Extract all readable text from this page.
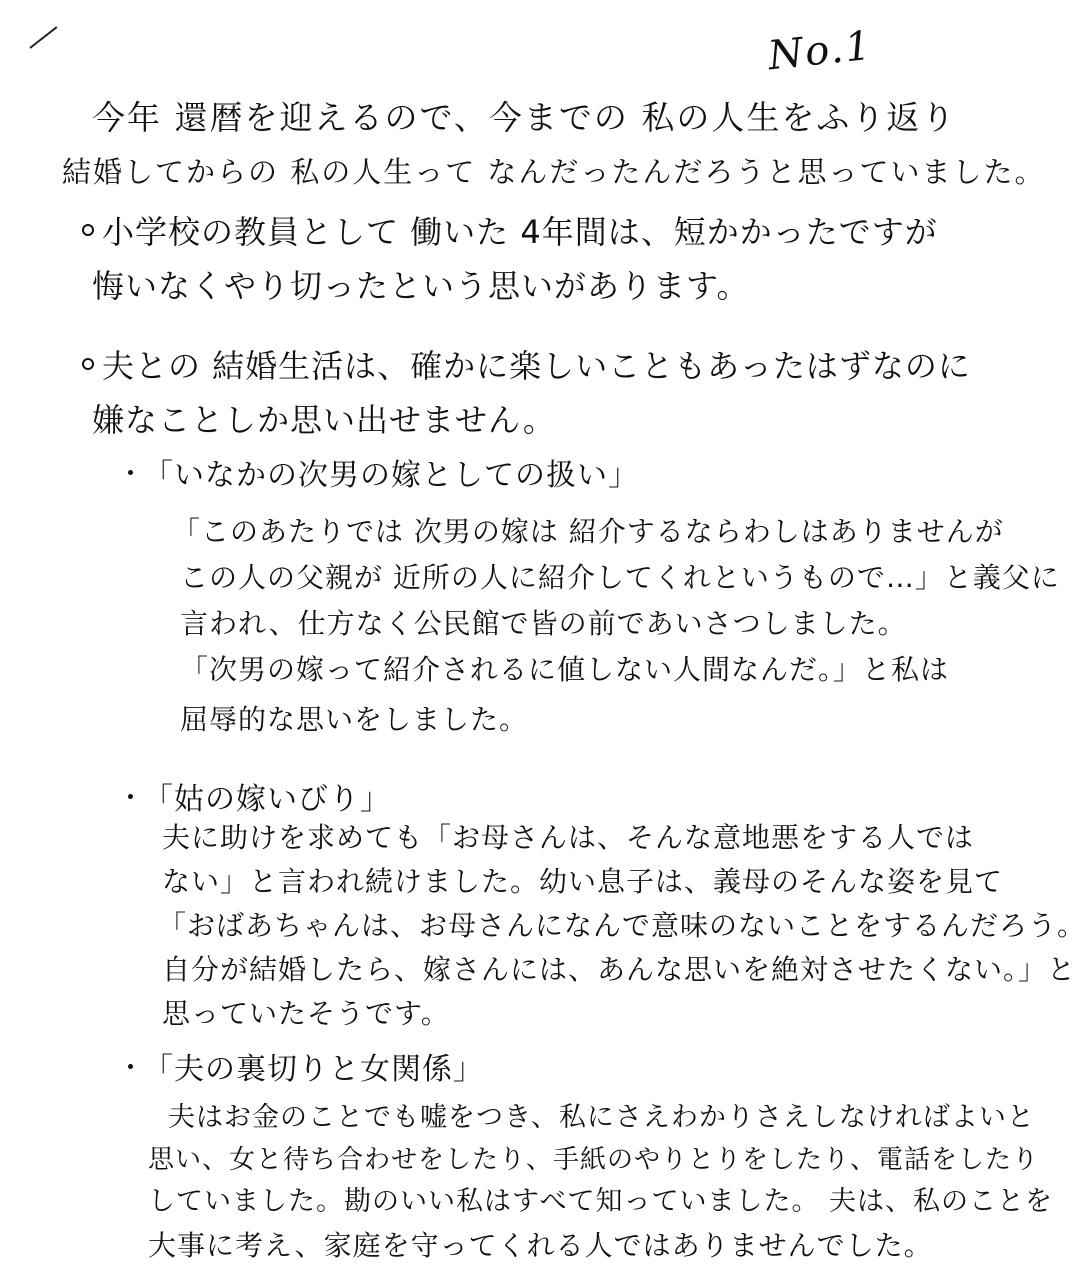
No.1
今年 還暦を迎えるので、今までの 私の人生をふり返り
結婚してからの 私の人生って なんだったんだろうと思っていました。
小学校の教員として 働いた 4年間は、短かかったですが
悔いなくやり切ったという思いがあります。
夫との 結婚生活は、確かに楽しいこともあったはずなのに
嫌なことしか思い出せません。
「いなかの次男の嫁としての扱い」
「このあたりでは 次男の嫁は 紹介するならわしはありませんが
この人の父親が 近所の人に紹介してくれというもので…」と義父に
言われ、仕方なく公民館で皆の前であいさつしました。
「次男の嫁って紹介されるに値しない人間なんだ。」と私は
屈辱的な思いをしました。
「姑の嫁いびり」
夫に助けを求めても「お母さんは、そんな意地悪をする人では
ない」と言われ続けました。幼い息子は、義母のそんな姿を見て
「おばあちゃんは、お母さんになんで意味のないことをするんだろう。
自分が結婚したら、嫁さんには、あんな思いを絶対させたくない。」と
思っていたそうです。
「夫の裏切りと女関係」
夫はお金のことでも嘘をつき、私にさえわかりさえしなければよいと
思い、女と待ち合わせをしたり、手紙のやりとりをしたり、電話をしたり
していました。勘のいい私はすべて知っていました。 夫は、私のことを
大事に考え、家庭を守ってくれる人ではありませんでした。
